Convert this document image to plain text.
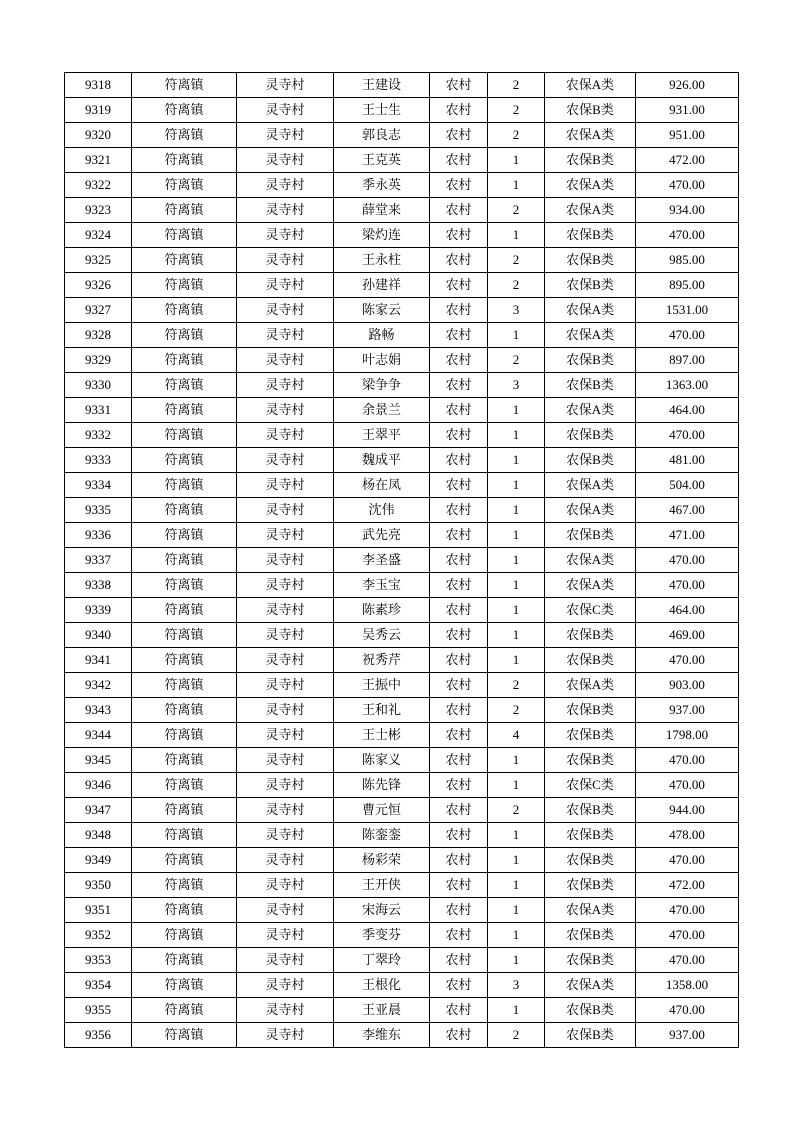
9318	符离镇	灵寺村	王建设	农村	2	农保A类	926.00
9319	符离镇	灵寺村	王士生	农村	2	农保B类	931.00
9320	符离镇	灵寺村	郭良志	农村	2	农保A类	951.00
9321	符离镇	灵寺村	王克英	农村	1	农保B类	472.00
9322	符离镇	灵寺村	季永英	农村	1	农保A类	470.00
9323	符离镇	灵寺村	薛堂来	农村	2	农保A类	934.00
9324	符离镇	灵寺村	梁灼连	农村	1	农保B类	470.00
9325	符离镇	灵寺村	王永柱	农村	2	农保B类	985.00
9326	符离镇	灵寺村	孙建祥	农村	2	农保B类	895.00
9327	符离镇	灵寺村	陈家云	农村	3	农保A类	1531.00
9328	符离镇	灵寺村	路畅	农村	1	农保A类	470.00
9329	符离镇	灵寺村	叶志娟	农村	2	农保B类	897.00
9330	符离镇	灵寺村	梁争争	农村	3	农保B类	1363.00
9331	符离镇	灵寺村	余景兰	农村	1	农保A类	464.00
9332	符离镇	灵寺村	王翠平	农村	1	农保B类	470.00
9333	符离镇	灵寺村	魏成平	农村	1	农保B类	481.00
9334	符离镇	灵寺村	杨在凤	农村	1	农保A类	504.00
9335	符离镇	灵寺村	沈伟	农村	1	农保A类	467.00
9336	符离镇	灵寺村	武先亮	农村	1	农保B类	471.00
9337	符离镇	灵寺村	李圣盛	农村	1	农保A类	470.00
9338	符离镇	灵寺村	李玉宝	农村	1	农保A类	470.00
9339	符离镇	灵寺村	陈素珍	农村	1	农保C类	464.00
9340	符离镇	灵寺村	吴秀云	农村	1	农保B类	469.00
9341	符离镇	灵寺村	祝秀芹	农村	1	农保B类	470.00
9342	符离镇	灵寺村	王振中	农村	2	农保A类	903.00
9343	符离镇	灵寺村	王和礼	农村	2	农保B类	937.00
9344	符离镇	灵寺村	王士彬	农村	4	农保B类	1798.00
9345	符离镇	灵寺村	陈家义	农村	1	农保B类	470.00
9346	符离镇	灵寺村	陈先锋	农村	1	农保C类	470.00
9347	符离镇	灵寺村	曹元恒	农村	2	农保B类	944.00
9348	符离镇	灵寺村	陈銮銮	农村	1	农保B类	478.00
9349	符离镇	灵寺村	杨彩荣	农村	1	农保B类	470.00
9350	符离镇	灵寺村	王开侠	农村	1	农保B类	472.00
9351	符离镇	灵寺村	宋海云	农村	1	农保A类	470.00
9352	符离镇	灵寺村	季变芬	农村	1	农保B类	470.00
9353	符离镇	灵寺村	丁翠玲	农村	1	农保B类	470.00
9354	符离镇	灵寺村	王根化	农村	3	农保A类	1358.00
9355	符离镇	灵寺村	王亚晨	农村	1	农保B类	470.00
9356	符离镇	灵寺村	李维东	农村	2	农保B类	937.00
